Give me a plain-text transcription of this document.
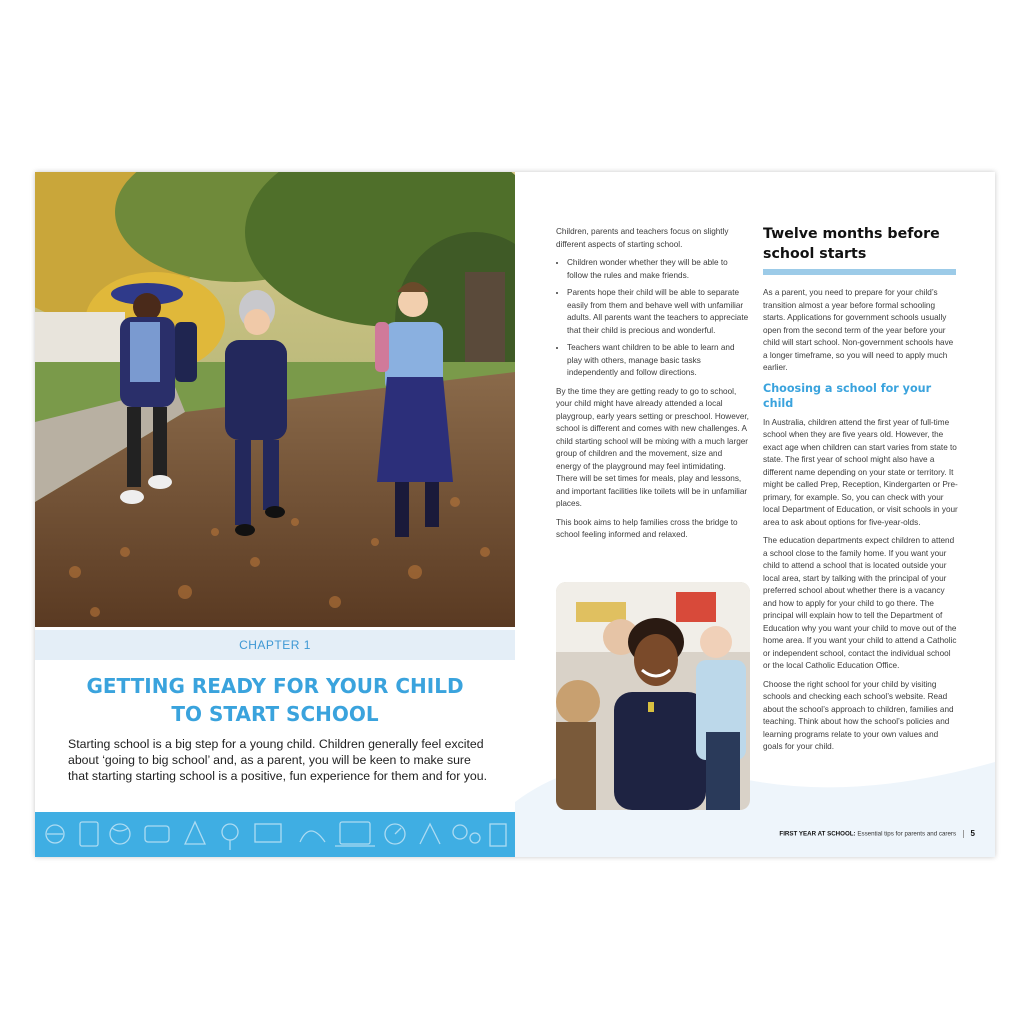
CHAPTER 1
GETTING READY FOR YOUR CHILD
TO START SCHOOL

Starting school is a big step for a young child. Children generally feel excited about ‘going to big school’ and, as a parent, you will be keen to make sure that starting starting school is a positive, fun experience for them and for you.

Children, parents and teachers focus on slightly different aspects of starting school.

• Children wonder whether they will be able to follow the rules and make friends.
• Parents hope their child will be able to separate easily from them and behave well with unfamiliar adults. All parents want the teachers to appreciate that their child is precious and wonderful.
• Teachers want children to be able to learn and play with others, manage basic tasks independently and follow directions.

By the time they are getting ready to go to school, your child might have already attended a local playgroup, early years setting or preschool. However, school is different and comes with new challenges. A child starting school will be mixing with a much larger group of children and the movement, size and energy of the playground may feel intimidating. There will be set times for meals, play and lessons, and important facilities like toilets will be in unfamiliar places.

This book aims to help families cross the bridge to school feeling informed and relaxed.

Twelve months before school starts

As a parent, you need to prepare for your child’s transition almost a year before formal schooling starts. Applications for government schools usually open from the second term of the year before your child will start school. Non-government schools have a longer timeframe, so you will need to apply much earlier.

Choosing a school for your child

In Australia, children attend the first year of full-time school when they are five years old. However, the exact age when children can start varies from state to state. The first year of school might also have a different name depending on your state or territory. It might be called Prep, Reception, Kindergarten or Pre-primary, for example. So, you can check with your local Department of Education, or visit schools in your area to ask about options for five-year-olds.

The education departments expect children to attend a school close to the family home. If you want your child to attend a school that is located outside your local area, start by talking with the principal of your preferred school about whether there is a vacancy and how to apply for your child to go there. The principal will explain how to tell the Department of Education why you want your child to move out of the home area. If you want your child to attend a Catholic or independent school, contact the individual school or the local Catholic Education Office.

Choose the right school for your child by visiting schools and checking each school’s website. Read about the school’s approach to children, families and teaching. Think about how the school’s policies and learning programs relate to your own values and goals for your child.

FIRST YEAR AT SCHOOL: Essential tips for parents and carers 5
